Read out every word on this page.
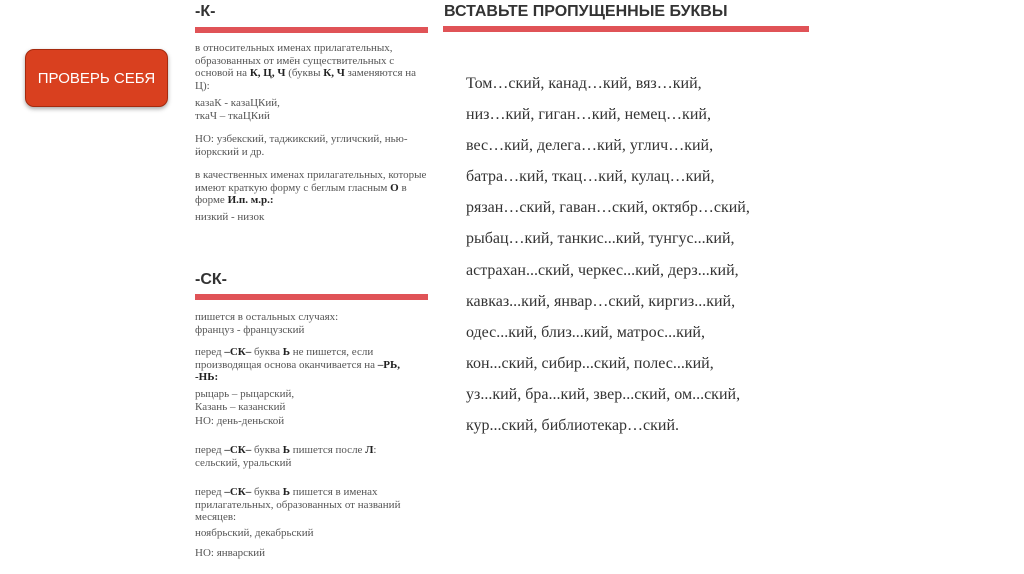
ПРОВЕРЬ СЕБЯ
-К-
в относительных именах прилагательных, образованных от имён существительных с основой на К, Ц, Ч (буквы К, Ч заменяются на Ц):
казаК - казаЦКий,
ткаЧ – ткаЦКий
НО: узбекский, таджикский, угличский, нью-йоркский и др.
в качественных именах прилагательных, которые имеют краткую форму с беглым гласным О в форме И.п. м.р.:
низкий - низок
-СК-
пишется в остальных случаях:
француз - французский
перед –СК– буква Ь не пишется, если производящая основа оканчивается на –РЬ, -НЬ:
рыцарь – рыцарский,
Казань – казанский
НО: день-деньской
перед –СК– буква Ь пишется после Л:
сельский, уральский
перед –СК– буква Ь пишется в именах прилагательных, образованных от названий месяцев:
ноябрьский, декабрьский
НО: январский
ВСТАВЬТЕ ПРОПУЩЕННЫЕ БУКВЫ
Том…ский, канад…кий, вяз…кий,
низ…кий, гиган…кий, немец…кий,
вес…кий, делега…кий, углич…кий,
батра…кий, ткац…кий, кулац…кий,
рязан…ский, гаван…ский, октябр…ский,
рыбац…кий, танкис...кий, тунгус...кий,
астрахан...ский, черкес...кий, дерз...кий,
кавказ...кий, январ…ский, киргиз...кий,
одес...кий, близ...кий, матрос...кий,
кон...ский, сибир...ский, полес...кий,
уз...кий, бра...кий, звер...ский, ом...ский,
кур...ский, библиотекар…ский.
